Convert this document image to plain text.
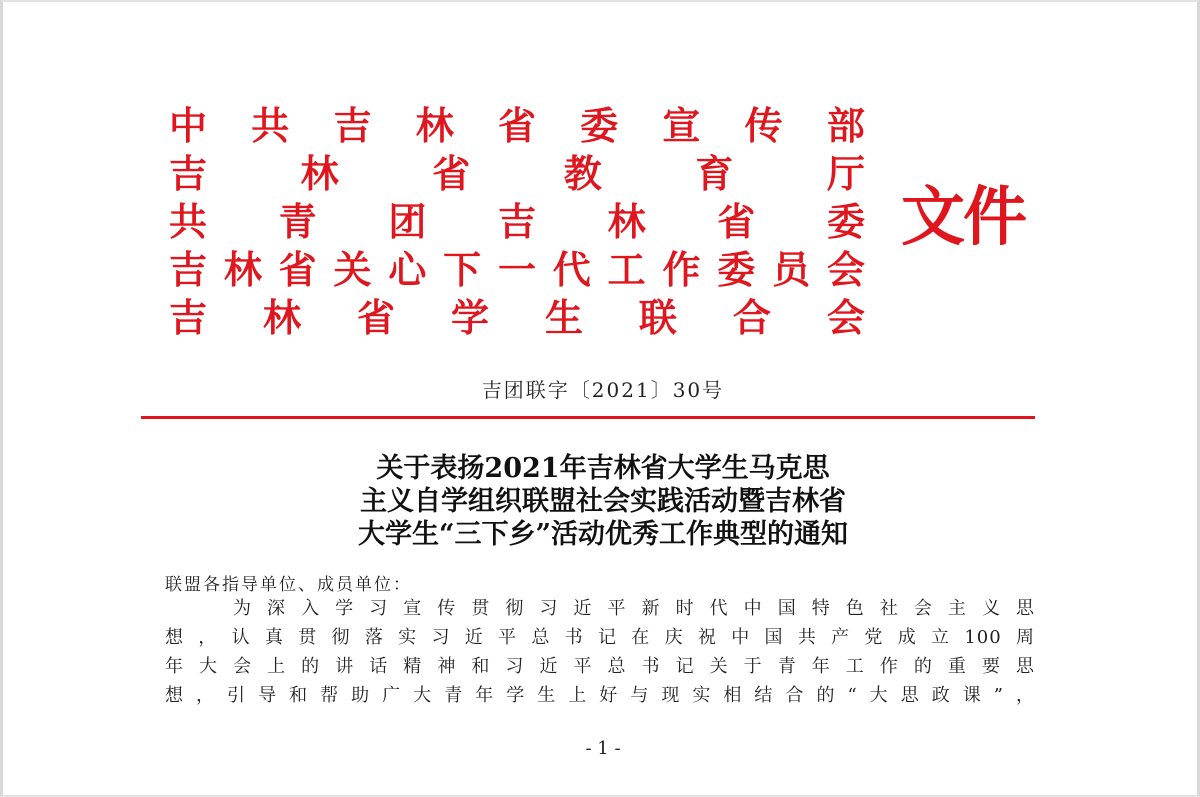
中 共 吉 林 省 委 宣 传 部
吉 林 省 教 育 厅
共 青 团 吉 林 省 委
吉 林 省 关 心 下 一 代 工 作 委 员 会
吉 林 省 学 生 联 合 会
文件
吉团联字〔2021〕30号
关于表扬2021年吉林省大学生马克思
主义自学组织联盟社会实践活动暨吉林省
大学生“三下乡”活动优秀工作典型的通知
联盟各指导单位、成员单位：
为深入学习宣传贯彻习近平新时代中国特色社会主义思
想，认真贯彻落实习近平总书记在庆祝中国共产党成立100周
年大会上的讲话精神和习近平总书记关于青年工作的重要思
想，引导和帮助广大青年学生上好与现实相结合的“大思政课”，
- 1 -
